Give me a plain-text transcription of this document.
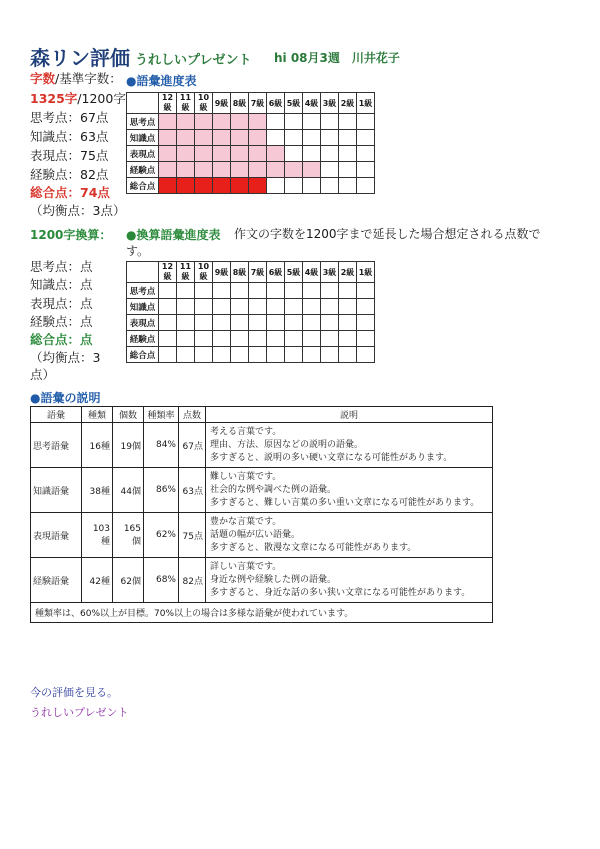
森リン評価 うれしいプレゼント hi 08月3週　川井花子
字数/基準字数：
1325字/1200字
思考点：67点
知識点：63点
表現点：75点
経験点：82点
総合点：74点
（均衡点：3点）
●語彙進度表
	12級	11級	10級	9級	8級	7級	6級	5級	4級	3級	2級	1級
思考点												
知識点												
表現点												
経験点												
総合点												
1200字換算： ●換算語彙進度表 作文の字数を1200字まで延長した場合想定される点数で
す。
思考点：点
知識点：点
表現点：点
経験点：点
総合点：点
（均衡点：3
点）
	12級	11級	10級	9級	8級	7級	6級	5級	4級	3級	2級	1級
思考点												
知識点												
表現点												
経験点												
総合点												
●語彙の説明
語彙	種類	個数	種類率	点数	説明
思考語彙	16種	19個	84%	67点	考える言葉です。
理由、方法、原因などの説明の語彙。
多すぎると、説明の多い硬い文章になる可能性があります。

知識語彙	38種	44個	86%	63点	難しい言葉です。
社会的な例や調べた例の語彙。
多すぎると、難しい言葉の多い重い文章になる可能性があります。

表現語彙	103種	165個	62%	75点	豊かな言葉です。
話題の幅が広い語彙。
多すぎると、散漫な文章になる可能性があります。

経験語彙	42種	62個	68%	82点	詳しい言葉です。
身近な例や経験した例の語彙。
多すぎると、身近な話の多い狭い文章になる可能性があります。

種類率は、60%以上が目標。70%以上の場合は多様な語彙が使われています。					
今の評価を見る。
うれしいプレゼント
